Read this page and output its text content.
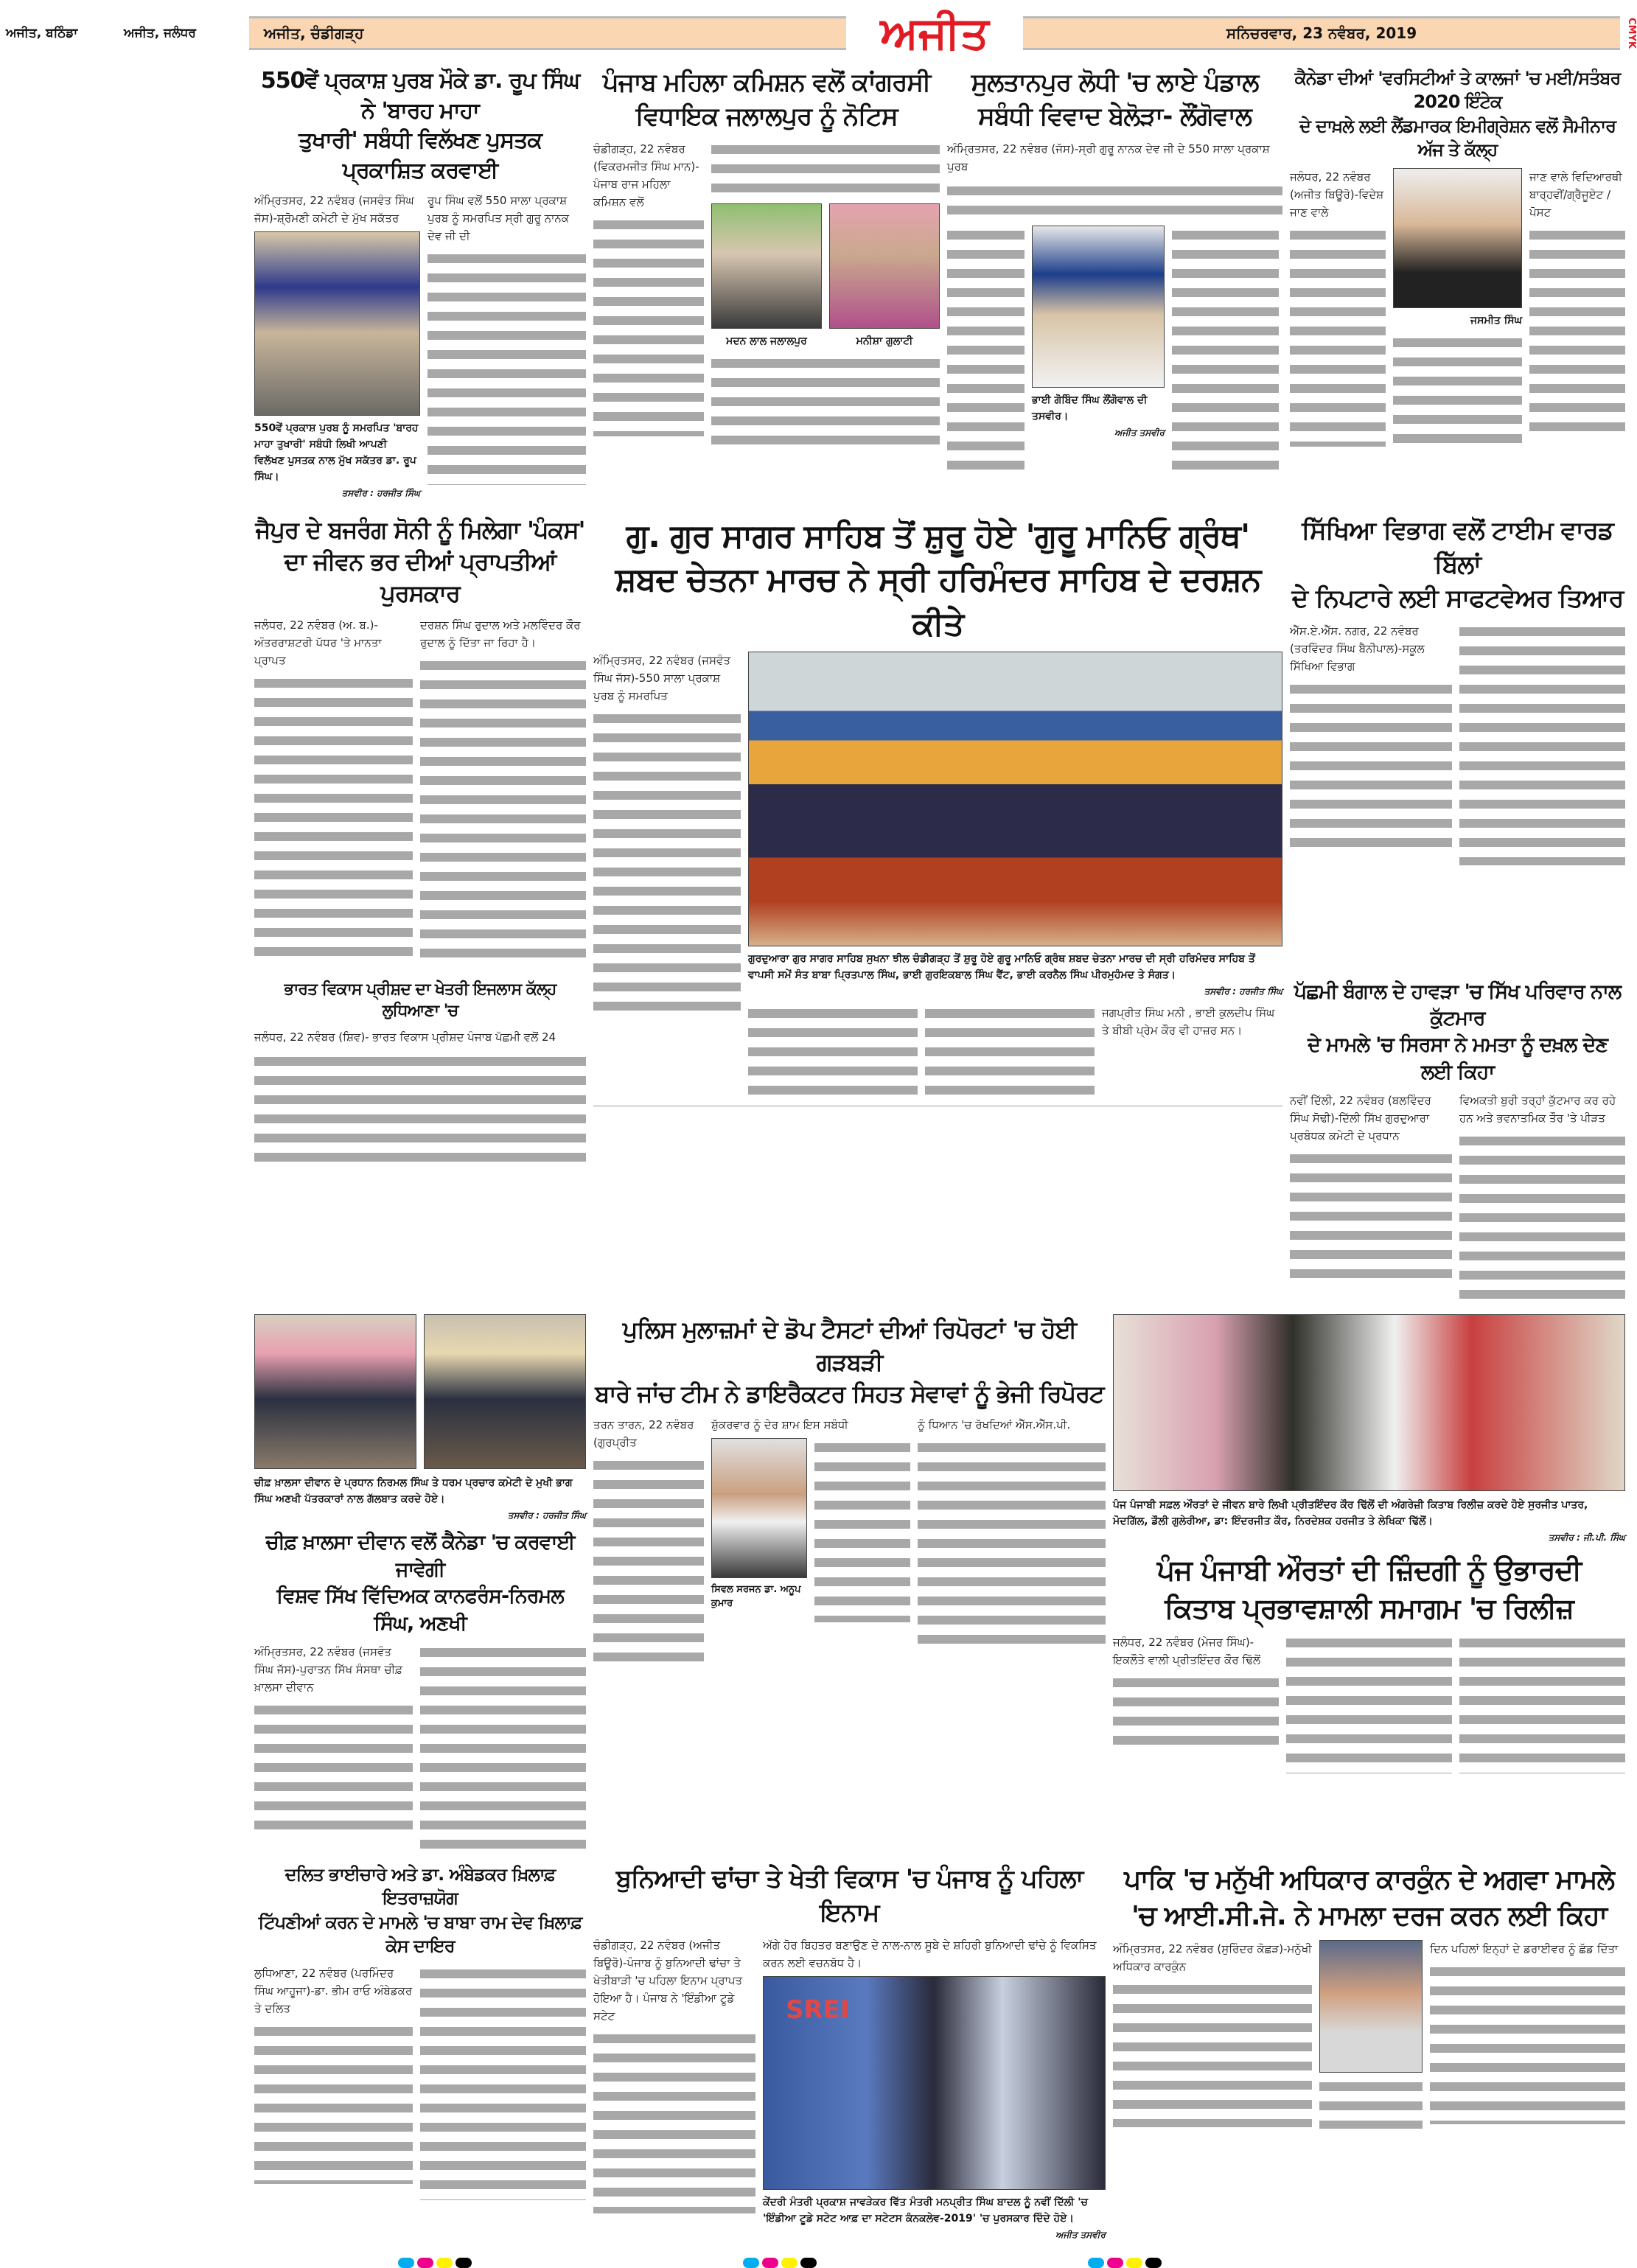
ਅਜੀਤ, ਬਠਿੰਡਾ	ਅਜੀਤ, ਜਲੰਧਰ	ਅਜੀਤ, ਚੰਡੀਗੜ੍ਹ	ਅਜੀਤ	ਸਨਿਚਰਵਾਰ, 23 ਨਵੰਬਰ, 2019	CMYK
550ਵੇਂ ਪ੍ਰਕਾਸ਼ ਪੁਰਬ ਮੌਕੇ ਡਾ. ਰੂਪ ਸਿੰਘ ਨੇ 'ਬਾਰਹ ਮਾਹਾ
ਤੁਖਾਰੀ' ਸਬੰਧੀ ਵਿਲੱਖਣ ਪੁਸਤਕ ਪ੍ਰਕਾਸ਼ਿਤ ਕਰਵਾਈ
ਅੰਮ੍ਰਿਤਸਰ, 22 ਨਵੰਬਰ (ਜਸਵੰਤ ਸਿੰਘ ਜੱਸ)-ਸ਼੍ਰੋਮਣੀ ਕਮੇਟੀ ਦੇ ਮੁੱਖ ਸਕੱਤਰ
550ਵੇਂ ਪ੍ਰਕਾਸ਼ ਪੁਰਬ ਨੂੰ ਸਮਰਪਿਤ 'ਬਾਰਹ ਮਾਹਾ ਤੁਖਾਰੀ' ਸਬੰਧੀ ਲਿਖੀ ਆਪਣੀ ਵਿਲੱਖਣ ਪੁਸਤਕ ਨਾਲ ਮੁੱਖ ਸਕੱਤਰ ਡਾ. ਰੂਪ ਸਿੰਘ।
ਤਸਵੀਰ : ਹਰਜੀਤ ਸਿੰਘ
ਰੂਪ ਸਿੰਘ ਵਲੋਂ 550 ਸਾਲਾ ਪ੍ਰਕਾਸ਼ ਪੁਰਬ ਨੂੰ ਸਮਰਪਿਤ ਸ੍ਰੀ ਗੁਰੂ ਨਾਨਕ ਦੇਵ ਜੀ ਦੀ
ਪੰਜਾਬ ਮਹਿਲਾ ਕਮਿਸ਼ਨ ਵਲੋਂ ਕਾਂਗਰਸੀ
ਵਿਧਾਇਕ ਜਲਾਲਪੁਰ ਨੂੰ ਨੋਟਿਸ
ਚੰਡੀਗੜ੍ਹ, 22 ਨਵੰਬਰ (ਵਿਕਰਮਜੀਤ ਸਿੰਘ ਮਾਨ)-ਪੰਜਾਬ ਰਾਜ ਮਹਿਲਾ ਕਮਿਸ਼ਨ ਵਲੋਂ
ਮਦਨ ਲਾਲ ਜਲਾਲਪੁਰ	ਮਨੀਸ਼ਾ ਗੁਲਾਟੀ
ਸੁਲਤਾਨਪੁਰ ਲੋਧੀ 'ਚ ਲਾਏ ਪੰਡਾਲ
ਸਬੰਧੀ ਵਿਵਾਦ ਬੇਲੋੜਾ- ਲੌਂਗੋਵਾਲ
ਅੰਮ੍ਰਿਤਸਰ, 22 ਨਵੰਬਰ (ਜੱਸ)-ਸ੍ਰੀ ਗੁਰੂ ਨਾਨਕ ਦੇਵ ਜੀ ਦੇ 550 ਸਾਲਾ ਪ੍ਰਕਾਸ਼ ਪੁਰਬ
ਭਾਈ ਗੋਬਿੰਦ ਸਿੰਘ ਲੌਂਗੋਵਾਲ ਦੀ ਤਸਵੀਰ।
ਅਜੀਤ ਤਸਵੀਰ
ਕੈਨੇਡਾ ਦੀਆਂ 'ਵਰਸਿਟੀਆਂ ਤੇ ਕਾਲਜਾਂ 'ਚ ਮਈ/ਸਤੰਬਰ 2020 ਇੰਟੇਕ
ਦੇ ਦਾਖ਼ਲੇ ਲਈ ਲੈਂਡਮਾਰਕ ਇਮੀਗ੍ਰੇਸ਼ਨ ਵਲੋਂ ਸੈਮੀਨਾਰ ਅੱਜ ਤੇ ਕੱਲ੍ਹ
ਜਲੰਧਰ, 22 ਨਵੰਬਰ (ਅਜੀਤ ਬਿਊਰੋ)-ਵਿਦੇਸ਼ ਜਾਣ ਵਾਲੇ
ਜਸਮੀਤ ਸਿੰਘ
ਜਾਣ ਵਾਲੇ ਵਿਦਿਆਰਥੀ ਬਾਰ੍ਹਵੀਂ/ਗ੍ਰੈਜੂਏਟ /ਪੋਸਟ
ਜੈਪੁਰ ਦੇ ਬਜਰੰਗ ਸੋਨੀ ਨੂੰ ਮਿਲੇਗਾ 'ਪੰਕਸ'
ਦਾ ਜੀਵਨ ਭਰ ਦੀਆਂ ਪ੍ਰਾਪਤੀਆਂ ਪੁਰਸਕਾਰ
ਜਲੰਧਰ, 22 ਨਵੰਬਰ (ਅ. ਬ.)-ਅੰਤਰਰਾਸ਼ਟਰੀ ਪੱਧਰ 'ਤੇ ਮਾਨਤਾ ਪ੍ਰਾਪਤ
ਦਰਸ਼ਨ ਸਿੰਘ ਰੁਦਾਲ ਅਤੇ ਮਲਵਿੰਦਰ ਕੌਰ ਰੁਦਾਲ ਨੂੰ ਦਿੱਤਾ ਜਾ ਰਿਹਾ ਹੈ।
ਭਾਰਤ ਵਿਕਾਸ ਪ੍ਰੀਸ਼ਦ ਦਾ ਖੇਤਰੀ ਇਜਲਾਸ ਕੱਲ੍ਹ ਲੁਧਿਆਣਾ 'ਚ
ਜਲੰਧਰ, 22 ਨਵੰਬਰ (ਸ਼ਿਵ)- ਭਾਰਤ ਵਿਕਾਸ ਪ੍ਰੀਸ਼ਦ ਪੰਜਾਬ ਪੱਛਮੀ ਵਲੋਂ 24
ਗੁ. ਗੁਰ ਸਾਗਰ ਸਾਹਿਬ ਤੋਂ ਸ਼ੁਰੂ ਹੋਏ 'ਗੁਰੂ ਮਾਨਿਓ ਗ੍ਰੰਥ'
ਸ਼ਬਦ ਚੇਤਨਾ ਮਾਰਚ ਨੇ ਸ੍ਰੀ ਹਰਿਮੰਦਰ ਸਾਹਿਬ ਦੇ ਦਰਸ਼ਨ ਕੀਤੇ
ਅੰਮ੍ਰਿਤਸਰ, 22 ਨਵੰਬਰ (ਜਸਵੰਤ ਸਿੰਘ ਜੱਸ)-550 ਸਾਲਾ ਪ੍ਰਕਾਸ਼ ਪੁਰਬ ਨੂੰ ਸਮਰਪਿਤ
ਗੁਰਦੁਆਰਾ ਗੁਰ ਸਾਗਰ ਸਾਹਿਬ ਸੁਖਨਾ ਝੀਲ ਚੰਡੀਗੜ੍ਹ ਤੋਂ ਸ਼ੁਰੂ ਹੋਏ ਗੁਰੂ ਮਾਨਿਓ ਗ੍ਰੰਥ ਸ਼ਬਦ ਚੇਤਨਾ ਮਾਰਚ ਦੀ ਸ੍ਰੀ ਹਰਿਮੰਦਰ ਸਾਹਿਬ ਤੋਂ
ਵਾਪਸੀ ਸਮੇਂ ਸੰਤ ਬਾਬਾ ਪ੍ਰਿਤਪਾਲ ਸਿੰਘ, ਭਾਈ ਗੁਰਇਕਬਾਲ ਸਿੰਘ ਵੈਂਟ, ਭਾਈ ਕਰਨੈਲ ਸਿੰਘ ਪੀਰਮੁਹੰਮਦ ਤੇ ਸੰਗਤ।
ਤਸਵੀਰ : ਹਰਜੀਤ ਸਿੰਘ
ਜਗਪ੍ਰੀਤ ਸਿੰਘ ਮਨੀ , ਭਾਈ ਕੁਲਦੀਪ ਸਿੰਘ ਤੇ ਬੀਬੀ ਪ੍ਰੇਮ ਕੌਰ ਵੀ ਹਾਜ਼ਰ ਸਨ।
ਸਿੱਖਿਆ ਵਿਭਾਗ ਵਲੋਂ ਟਾਈਮ ਵਾਰਡ ਬਿੱਲਾਂ
ਦੇ ਨਿਪਟਾਰੇ ਲਈ ਸਾਫਟਵੇਅਰ ਤਿਆਰ
ਐੱਸ.ਏ.ਐੱਸ. ਨਗਰ, 22 ਨਵੰਬਰ (ਤਰਵਿੰਦਰ ਸਿੰਘ ਬੈਨੀਪਾਲ)-ਸਕੂਲ ਸਿੱਖਿਆ ਵਿਭਾਗ
ਪੱਛਮੀ ਬੰਗਾਲ ਦੇ ਹਾਵੜਾ 'ਚ ਸਿੱਖ ਪਰਿਵਾਰ ਨਾਲ ਕੁੱਟਮਾਰ
ਦੇ ਮਾਮਲੇ 'ਚ ਸਿਰਸਾ ਨੇ ਮਮਤਾ ਨੂੰ ਦਖ਼ਲ ਦੇਣ ਲਈ ਕਿਹਾ
ਨਵੀਂ ਦਿੱਲੀ, 22 ਨਵੰਬਰ (ਬਲਵਿੰਦਰ ਸਿੰਘ ਸੋਢੀ)-ਦਿੱਲੀ ਸਿੱਖ ਗੁਰਦੁਆਰਾ ਪ੍ਰਬੰਧਕ ਕਮੇਟੀ ਦੇ ਪ੍ਰਧਾਨ
ਵਿਅਕਤੀ ਬੁਰੀ ਤਰ੍ਹਾਂ ਕੁੱਟਮਾਰ ਕਰ ਰਹੇ ਹਨ ਅਤੇ ਭਵਨਾਤਮਿਕ ਤੌਰ 'ਤੇ ਪੀੜਤ
ਚੀਫ਼ ਖ਼ਾਲਸਾ ਦੀਵਾਨ ਦੇ ਪ੍ਰਧਾਨ ਨਿਰਮਲ ਸਿੰਘ ਤੇ ਧਰਮ ਪ੍ਰਚਾਰ ਕਮੇਟੀ ਦੇ ਮੁਖੀ ਭਾਗ ਸਿੰਘ ਅਣਖੀ ਪੱਤਰਕਾਰਾਂ ਨਾਲ ਗੱਲਬਾਤ ਕਰਦੇ ਹੋਏ।
ਤਸਵੀਰ : ਹਰਜੀਤ ਸਿੰਘ
ਚੀਫ਼ ਖ਼ਾਲਸਾ ਦੀਵਾਨ ਵਲੋਂ ਕੈਨੇਡਾ 'ਚ ਕਰਵਾਈ ਜਾਵੇਗੀ
ਵਿਸ਼ਵ ਸਿੱਖ ਵਿੱਦਿਅਕ ਕਾਨਫਰੰਸ-ਨਿਰਮਲ ਸਿੰਘ, ਅਣਖੀ
ਅੰਮ੍ਰਿਤਸਰ, 22 ਨਵੰਬਰ (ਜਸਵੰਤ ਸਿੰਘ ਜੱਸ)-ਪੁਰਾਤਨ ਸਿੱਖ ਸੰਸਥਾ ਚੀਫ਼ ਖ਼ਾਲਸਾ ਦੀਵਾਨ
ਪੁਲਿਸ ਮੁਲਾਜ਼ਮਾਂ ਦੇ ਡੋਪ ਟੈਸਟਾਂ ਦੀਆਂ ਰਿਪੋਰਟਾਂ 'ਚ ਹੋਈ ਗੜਬੜੀ
ਬਾਰੇ ਜਾਂਚ ਟੀਮ ਨੇ ਡਾਇਰੈਕਟਰ ਸਿਹਤ ਸੇਵਾਵਾਂ ਨੂੰ ਭੇਜੀ ਰਿਪੋਰਟ
ਤਰਨ ਤਾਰਨ, 22 ਨਵੰਬਰ (ਗੁਰਪ੍ਰੀਤ
ਸ਼ੁੱਕਰਵਾਰ ਨੂੰ ਦੇਰ ਸ਼ਾਮ ਇਸ ਸਬੰਧੀ
ਸਿਵਲ ਸਰਜਨ ਡਾ. ਅਨੂਪ ਕੁਮਾਰ
ਨੂੰ ਧਿਆਨ 'ਚ ਰੱਖਦਿਆਂ ਐੱਸ.ਐੱਸ.ਪੀ.
ਪੰਜ ਪੰਜਾਬੀ ਸਫ਼ਲ ਔਰਤਾਂ ਦੇ ਜੀਵਨ ਬਾਰੇ ਲਿਖੀ ਪ੍ਰੀਤਇੰਦਰ ਕੌਰ ਢਿੱਲੋਂ ਦੀ ਅੰਗਰੇਜ਼ੀ ਕਿਤਾਬ ਰਿਲੀਜ਼ ਕਰਦੇ ਹੋਏ ਸੁਰਜੀਤ ਪਾਤਰ, ਮੋਦਗਿੱਲ, ਡੌਲੀ ਗੁਲੇਰੀਆ, ਡਾ: ਇੰਦਰਜੀਤ ਕੌਰ, ਨਿਰਦੇਸ਼ਕ ਹਰਜੀਤ ਤੇ ਲੇਖਿਕਾ ਢਿੱਲੋਂ।
ਤਸਵੀਰ : ਜੀ.ਪੀ. ਸਿੰਘ
ਪੰਜ ਪੰਜਾਬੀ ਔਰਤਾਂ ਦੀ ਜ਼ਿੰਦਗੀ ਨੂੰ ਉਭਾਰਦੀ
ਕਿਤਾਬ ਪ੍ਰਭਾਵਸ਼ਾਲੀ ਸਮਾਗਮ 'ਚ ਰਿਲੀਜ਼
ਜਲੰਧਰ, 22 ਨਵੰਬਰ (ਮੇਜਰ ਸਿੰਘ)-ਇਕਲੌਤੇ ਵਾਲੀ ਪ੍ਰੀਤਇੰਦਰ ਕੌਰ ਢਿੱਲੋਂ
ਦਲਿਤ ਭਾਈਚਾਰੇ ਅਤੇ ਡਾ. ਅੰਬੇਡਕਰ ਖ਼ਿਲਾਫ਼ ਇਤਰਾਜ਼ਯੋਗ
ਟਿੱਪਣੀਆਂ ਕਰਨ ਦੇ ਮਾਮਲੇ 'ਚ ਬਾਬਾ ਰਾਮ ਦੇਵ ਖ਼ਿਲਾਫ਼ ਕੇਸ ਦਾਇਰ
ਲੁਧਿਆਣਾ, 22 ਨਵੰਬਰ (ਪਰਮਿੰਦਰ ਸਿੰਘ ਆਹੂਜਾ)-ਡਾ. ਭੀਮ ਰਾਓ ਅੰਬੇਡਕਰ ਤੇ ਦਲਿਤ
ਬੁਨਿਆਦੀ ਢਾਂਚਾ ਤੇ ਖੇਤੀ ਵਿਕਾਸ 'ਚ ਪੰਜਾਬ ਨੂੰ ਪਹਿਲਾ ਇਨਾਮ
ਚੰਡੀਗੜ੍ਹ, 22 ਨਵੰਬਰ (ਅਜੀਤ ਬਿਊਰੋ)-ਪੰਜਾਬ ਨੂੰ ਬੁਨਿਆਦੀ ਢਾਂਚਾ ਤੇ ਖੇਤੀਬਾੜੀ 'ਚ ਪਹਿਲਾ ਇਨਾਮ ਪ੍ਰਾਪਤ ਹੋਇਆ ਹੈ। ਪੰਜਾਬ ਨੇ 'ਇੰਡੀਆ ਟੂਡੇ ਸਟੇਟ
ਅੱਗੇ ਹੋਰ ਬਿਹਤਰ ਬਣਾਉਣ ਦੇ ਨਾਲ-ਨਾਲ ਸੂਬੇ ਦੇ ਸ਼ਹਿਰੀ ਬੁਨਿਆਦੀ ਢਾਂਚੇ ਨੂੰ ਵਿਕਸਿਤ ਕਰਨ ਲਈ ਵਚਨਬੱਧ ਹੈ।
SREI
ਕੇਂਦਰੀ ਮੰਤਰੀ ਪ੍ਰਕਾਸ਼ ਜਾਵੜੇਕਰ ਵਿੱਤ ਮੰਤਰੀ ਮਨਪ੍ਰੀਤ ਸਿੰਘ ਬਾਦਲ ਨੂੰ ਨਵੀਂ ਦਿੱਲੀ 'ਚ 'ਇੰਡੀਆ ਟੂਡੇ ਸਟੇਟ ਆਫ਼ ਦਾ ਸਟੇਟਸ ਕੰਨਕਲੇਵ-2019' 'ਚ ਪੁਰਸਕਾਰ ਦਿੰਦੇ ਹੋਏ।
ਅਜੀਤ ਤਸਵੀਰ
ਪਾਕਿ 'ਚ ਮਨੁੱਖੀ ਅਧਿਕਾਰ ਕਾਰਕੁੰਨ ਦੇ ਅਗਵਾ ਮਾਮਲੇ
'ਚ ਆਈ.ਸੀ.ਜੇ. ਨੇ ਮਾਮਲਾ ਦਰਜ ਕਰਨ ਲਈ ਕਿਹਾ
ਅੰਮ੍ਰਿਤਸਰ, 22 ਨਵੰਬਰ (ਸੁਰਿੰਦਰ ਕੋਛੜ)-ਮਨੁੱਖੀ ਅਧਿਕਾਰ ਕਾਰਕੁੰਨ
ਦਿਨ ਪਹਿਲਾਂ ਇਨ੍ਹਾਂ ਦੇ ਡਰਾਈਵਰ ਨੂੰ ਛੱਡ ਦਿੱਤਾ
